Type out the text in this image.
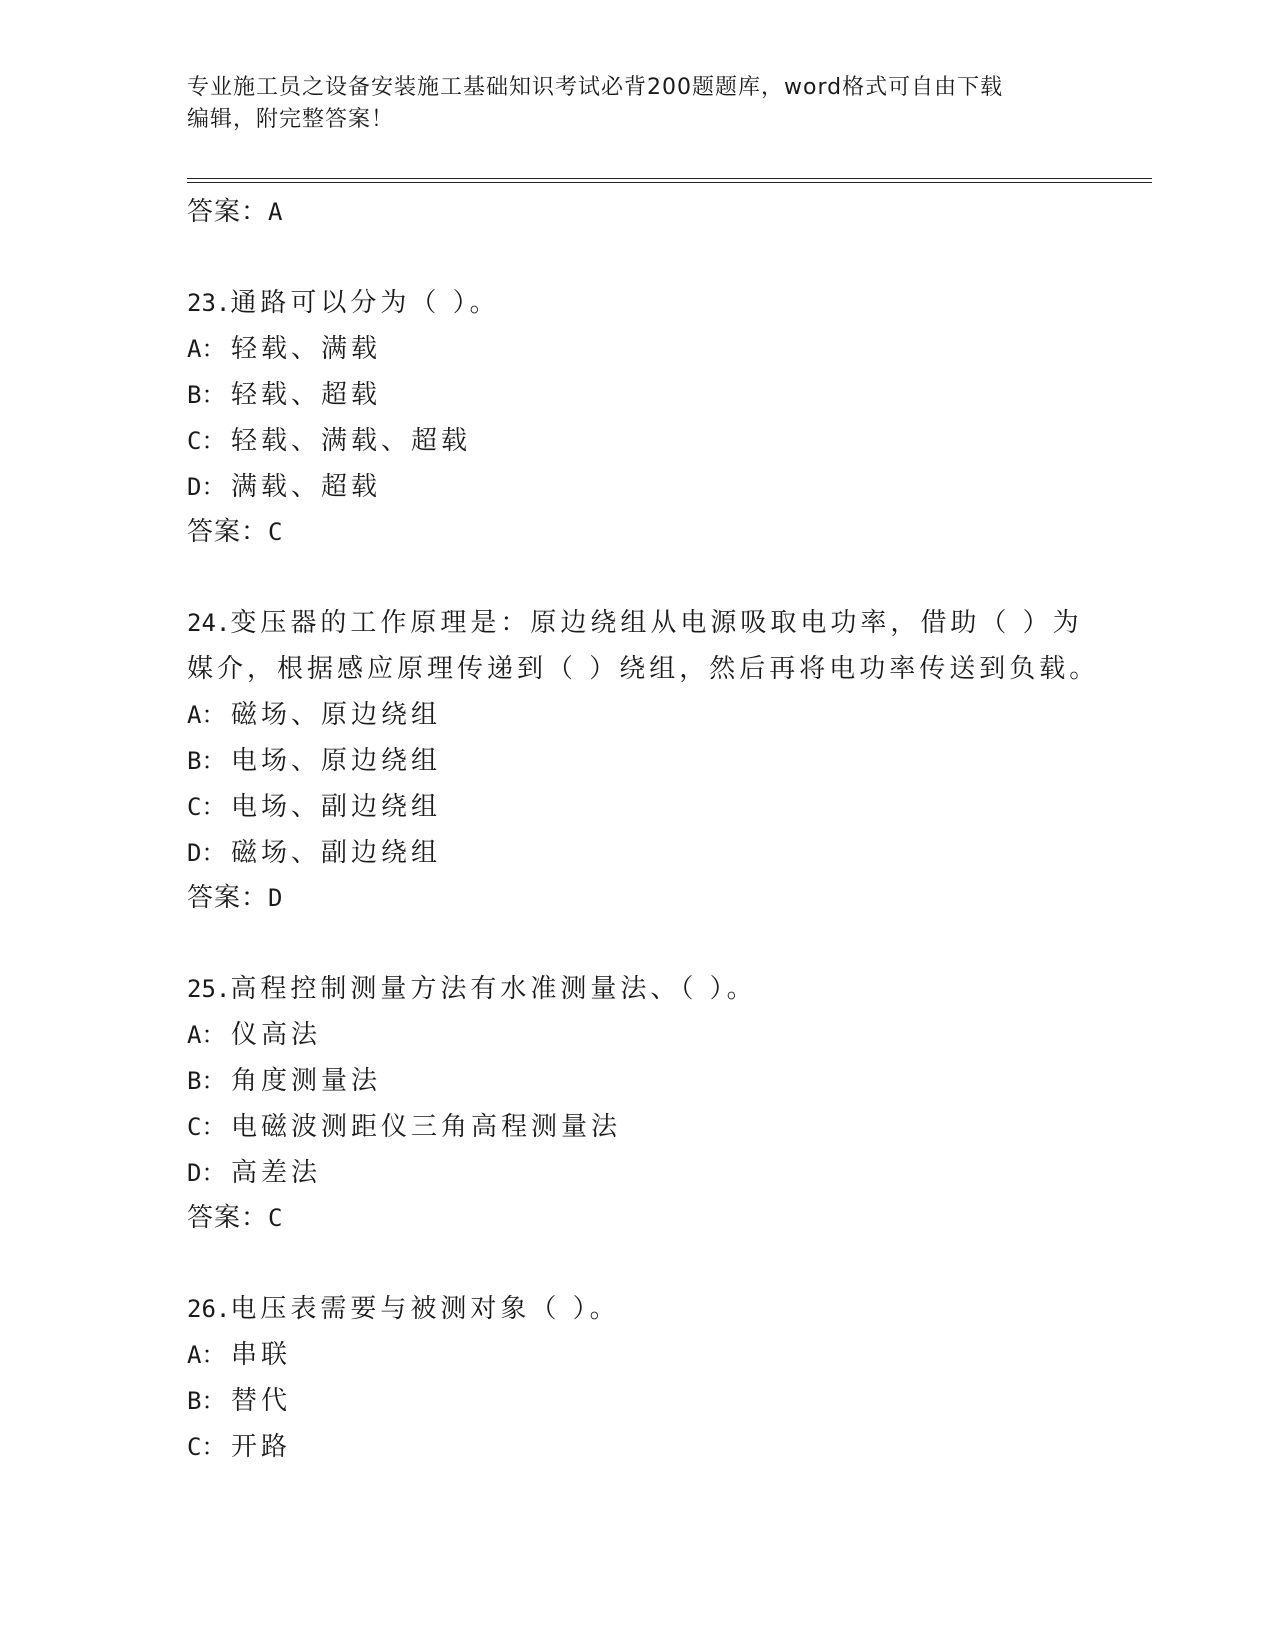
专业施工员之设备安装施工基础知识考试必背200题题库，word格式可自由下载
编辑，附完整答案！
答案：A
23.通路可以分为（ ）。
A： 轻载、满载
B： 轻载、超载
C： 轻载、满载、超载
D： 满载、超载
答案：C
24.变压器的工作原理是：原边绕组从电源吸取电功率，借助（ ）为
媒介，根据感应原理传递到（ ）绕组，然后再将电功率传送到负载。
A： 磁场、原边绕组
B： 电场、原边绕组
C： 电场、副边绕组
D： 磁场、副边绕组
答案：D
25.高程控制测量方法有水准测量法、（ ）。
A： 仪高法
B： 角度测量法
C： 电磁波测距仪三角高程测量法
D： 高差法
答案：C
26.电压表需要与被测对象（ ）。
A： 串联
B： 替代
C： 开路
